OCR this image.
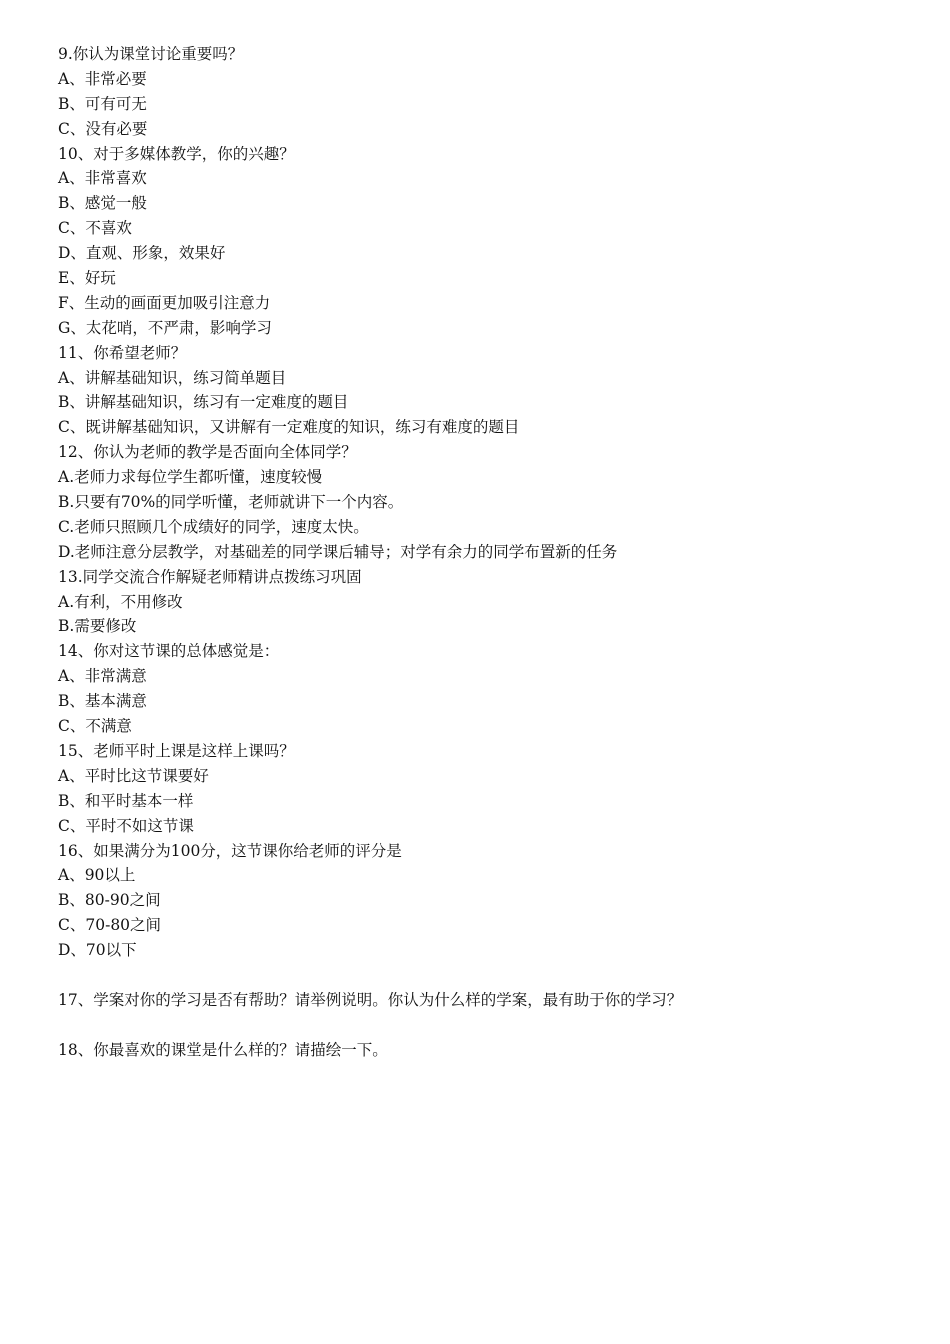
9.你认为课堂讨论重要吗？
A、非常必要
B、可有可无
C、没有必要
10、对于多媒体教学，你的兴趣？
A、非常喜欢
B、感觉一般
C、不喜欢
D、直观、形象，效果好
E、好玩
F、生动的画面更加吸引注意力
G、太花哨，不严肃，影响学习
11、你希望老师？
A、讲解基础知识，练习简单题目
B、讲解基础知识，练习有一定难度的题目
C、既讲解基础知识，又讲解有一定难度的知识，练习有难度的题目
12、你认为老师的教学是否面向全体同学？
A.老师力求每位学生都听懂，速度较慢
B.只要有70%的同学听懂，老师就讲下一个内容。
C.老师只照顾几个成绩好的同学，速度太快。
D.老师注意分层教学，对基础差的同学课后辅导；对学有余力的同学布置新的任务
13.同学交流合作解疑老师精讲点拨练习巩固
A.有利，不用修改
B.需要修改
14、你对这节课的总体感觉是：
A、非常满意
B、基本满意
C、不满意
15、老师平时上课是这样上课吗？
A、平时比这节课要好
B、和平时基本一样
C、平时不如这节课
16、如果满分为100分，这节课你给老师的评分是
A、90以上
B、80-90之间
C、70-80之间
D、70以下
17、学案对你的学习是否有帮助？请举例说明。你认为什么样的学案，最有助于你的学习？
18、你最喜欢的课堂是什么样的？请描绘一下。
